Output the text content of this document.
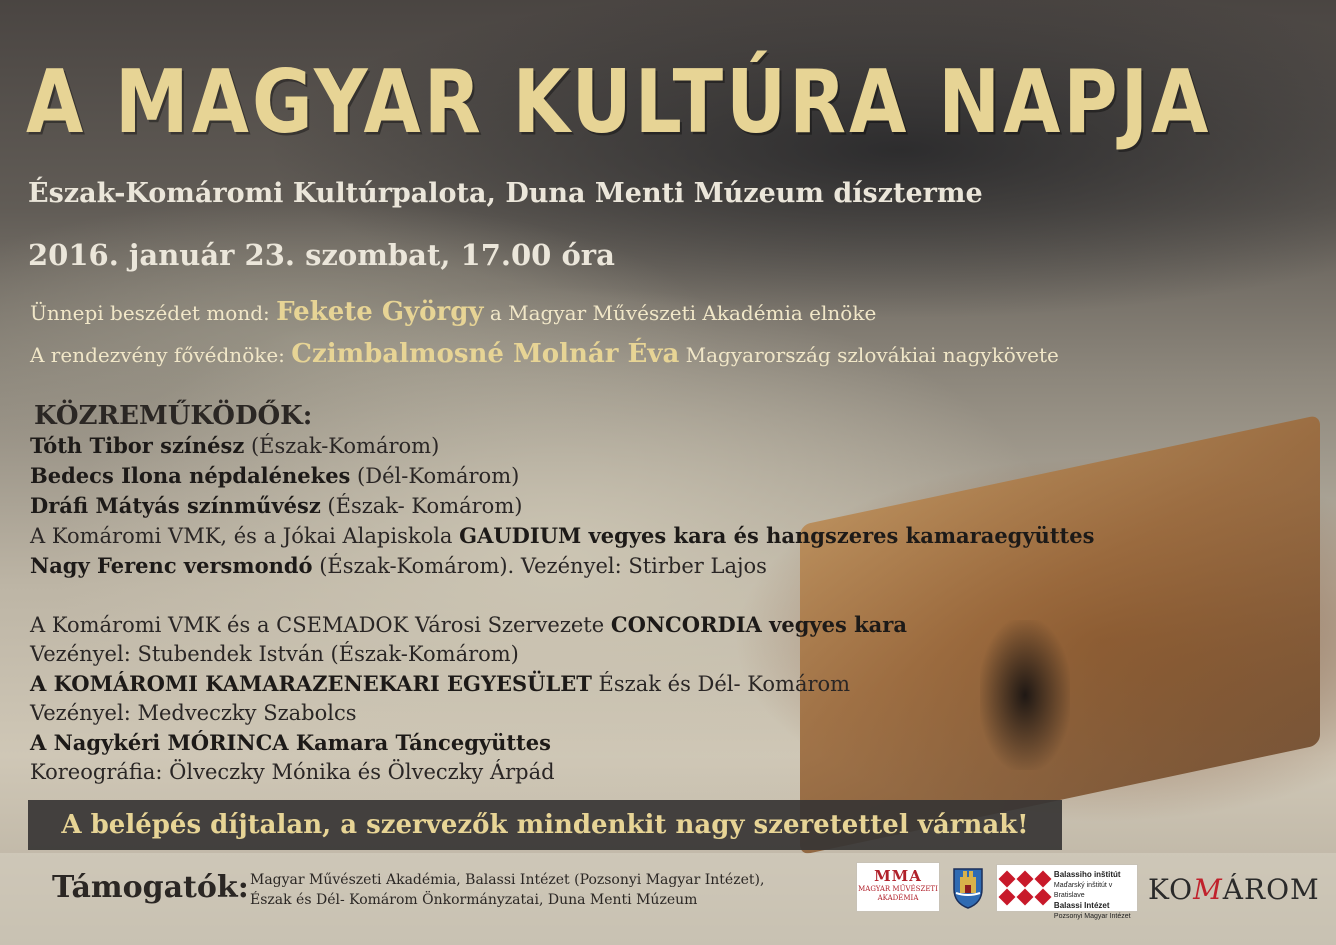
A MAGYAR KULTÚRA NAPJA
Észak-Komáromi Kultúrpalota, Duna Menti Múzeum díszterme
2016. január 23. szombat, 17.00 óra
Ünnepi beszédet mond: Fekete György a Magyar Művészeti Akadémia elnöke
A rendezvény fővédnöke: Czimbalmosné Molnár Éva Magyarország szlovákiai nagykövete
KÖZREMŰKÖDŐK:
Tóth Tibor színész (Észak-Komárom)
Bedecs Ilona népdalénekes (Dél-Komárom)
Dráfi Mátyás színművész (Észak- Komárom)
A Komáromi VMK, és a Jókai Alapiskola GAUDIUM vegyes kara és hangszeres kamaraegyüttes
Nagy Ferenc versmondó (Észak-Komárom). Vezényel: Stirber Lajos
A Komáromi VMK és a CSEMADOK Városi Szervezete CONCORDIA vegyes kara
Vezényel: Stubendek István (Észak-Komárom)
A KOMÁROMI KAMARAZENEKARI EGYESÜLET Észak és Dél- Komárom
Vezényel: Medveczky Szabolcs
A Nagykéri MÓRINCA Kamara Táncegyüttes
Koreográfia: Ölveczky Mónika és Ölveczky Árpád
A belépés díjtalan, a szervezők mindenkit nagy szeretettel várnak!
Támogatók: Magyar Művészeti Akadémia, Balassi Intézet (Pozsonyi Magyar Intézet),
Észak és Dél- Komárom Önkormányzatai, Duna Menti Múzeum
MMA
MAGYAR MŰVÉSZETI
AKADÉMIA
Balassiho inštitút
Maďarský inštitút v Bratislave
Balassi Intézet
Pozsonyi Magyar Intézet
KOMÁROM
